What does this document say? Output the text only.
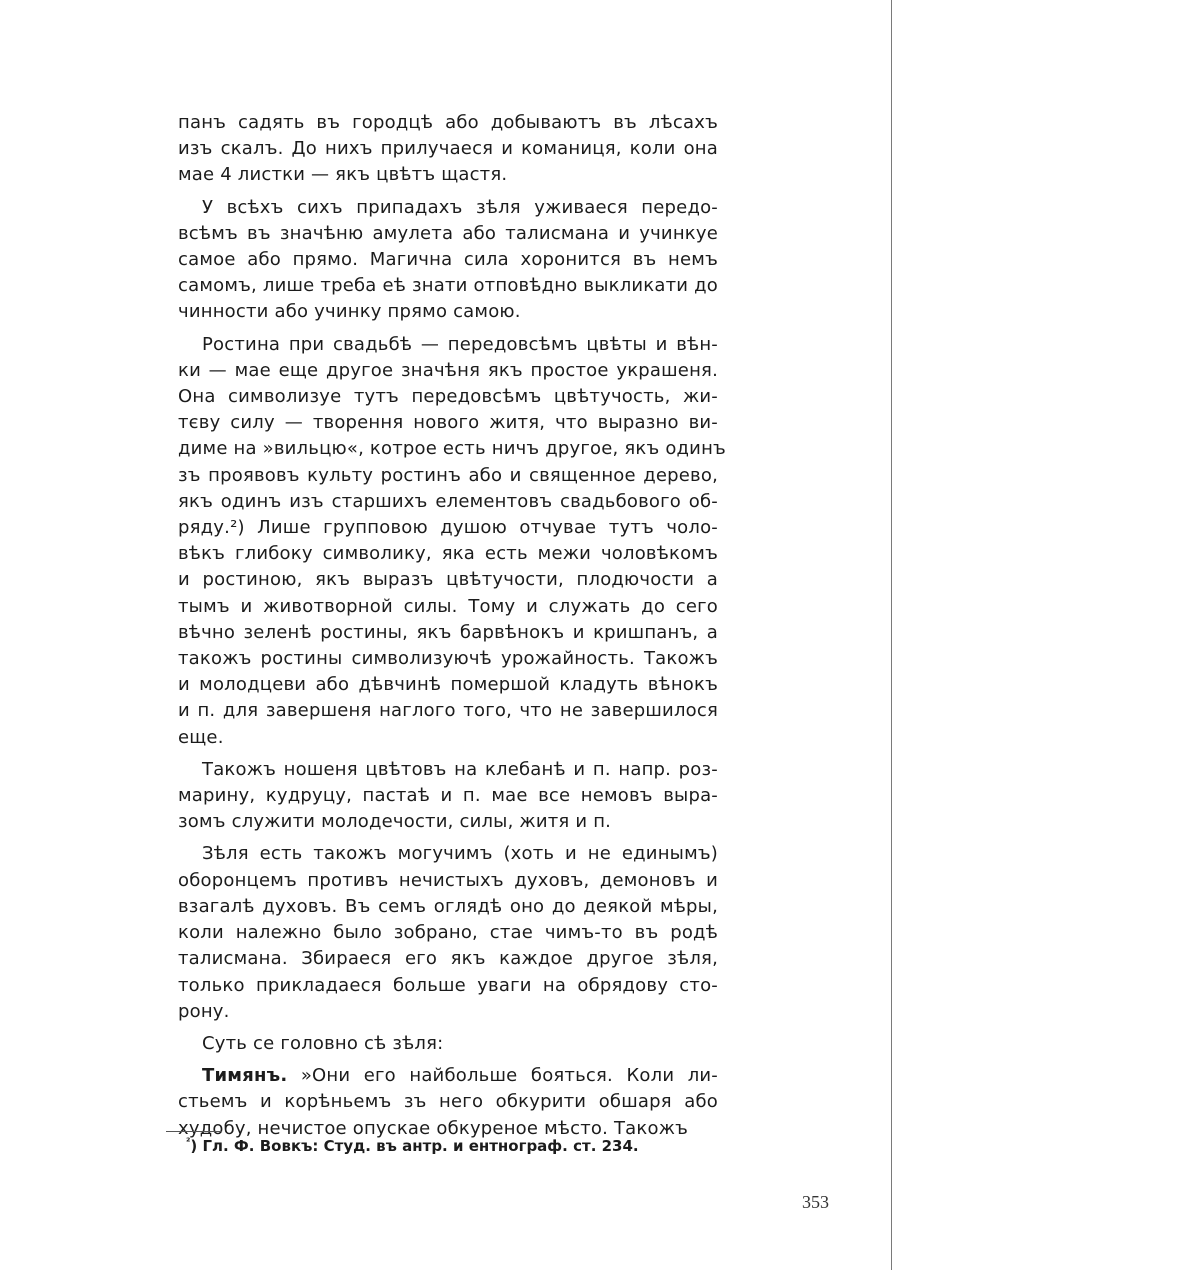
панъ садять въ городцѣ або добываютъ въ лѣсахъ
изъ скалъ. До нихъ прилучаеся и команиця, коли она
мае 4 листки — якъ цвѣтъ щастя.
У всѣхъ сихъ припадахъ зѣля уживаеся передо-
всѣмъ въ значѣню амулета або талисмана и учинкуе
самое або прямо. Магична сила хоронится въ немъ
самомъ, лише треба еѣ знати отповѣдно выкликати до
чинности або учинку прямо самою.
Ростина при свадьбѣ — передовсѣмъ цвѣты и вѣн-
ки — мае еще другое значѣня якъ простое украшеня.
Она символизуе тутъ передовсѣмъ цвѣтучость, жи-
тєву силу — творення нового житя, что выразно ви-
диме на »вильцю«, котрое есть ничъ другое, якъ одинъ
зъ проявовъ культу ростинъ або и священное дерево,
якъ одинъ изъ старшихъ елементовъ свадьбового об-
ряду.²) Лише групповою душою отчувае тутъ чоло-
вѣкъ глибоку символику, яка есть межи чоловѣкомъ
и ростиною, якъ выразъ цвѣтучости, плодючости а
тымъ и животворной силы. Тому и служать до сего
вѣчно зеленѣ ростины, якъ барвѣнокъ и кришпанъ, а
такожъ ростины символизуючѣ урожайность. Такожъ
и молодцеви або дѣвчинѣ помершой кладуть вѣнокъ
и п. для завершеня наглого того, что не завершилося
еще.
Такожъ ношеня цвѣтовъ на клебанѣ и п. напр. роз-
марину, кудруцу, пастаѣ и п. мае все немовъ выра-
зомъ служити молодечости, силы, житя и п.
Зѣля есть такожъ могучимъ (хоть и не единымъ)
оборонцемъ противъ нечистыхъ духовъ, демоновъ и
взагалѣ духовъ. Въ семъ оглядѣ оно до деякой мѣры,
коли належно было зобрано, стае чимъ-то въ родѣ
талисмана. Збираеся его якъ каждое другое зѣля,
только прикладаеся больше уваги на обрядову сто-
рону.
Суть се головно сѣ зѣля:
Тимянъ. »Они его найбольше бояться. Коли ли-
стьемъ и корѣньемъ зъ него обкурити обшаря або
худобу, нечистое опускае обкуреное мѣсто. Такожъ
$^{^2}$) Гл. Ф. Вовкъ: Студ. въ антр. и ентнограф. ст. 234.
353
